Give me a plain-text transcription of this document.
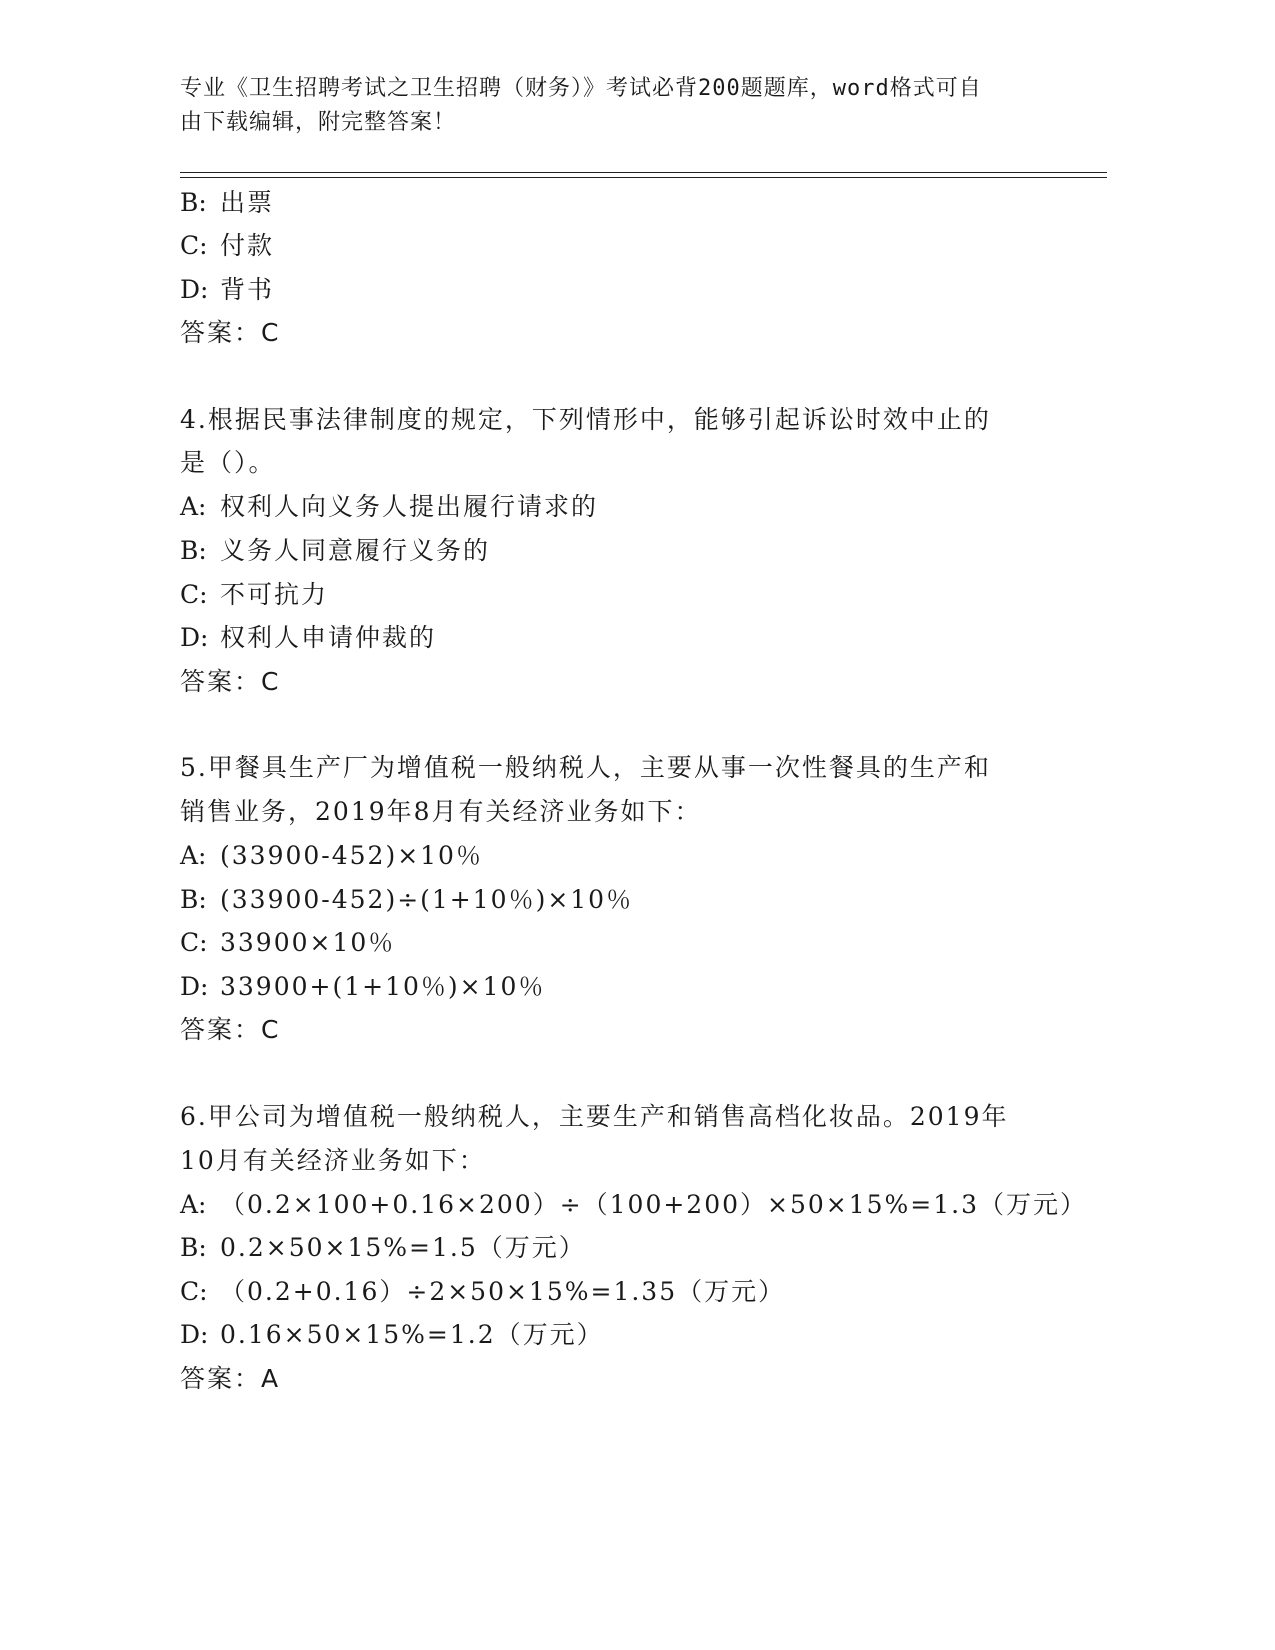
专业《卫生招聘考试之卫生招聘（财务）》考试必背200题题库，word格式可自
由下载编辑，附完整答案！
B: 出票
C: 付款
D: 背书
答案：C
4.根据民事法律制度的规定，下列情形中，能够引起诉讼时效中止的
是（）。
A: 权利人向义务人提出履行请求的
B: 义务人同意履行义务的
C: 不可抗力
D: 权利人申请仲裁的
答案：C
5.甲餐具生产厂为增值税一般纳税人，主要从事一次性餐具的生产和
销售业务，2019年8月有关经济业务如下：
A: (33900-452)×10％
B: (33900-452)÷(1+10％)×10％
C: 33900×10％
D: 33900+(1+10％)×10％
答案：C
6.甲公司为增值税一般纳税人，主要生产和销售高档化妆品。2019年
10月有关经济业务如下：
A: （0.2×100+0.16×200）÷（100+200）×50×15%=1.3（万元）
B: 0.2×50×15%=1.5（万元）
C: （0.2+0.16）÷2×50×15%=1.35（万元）
D: 0.16×50×15%=1.2（万元）
答案：A
